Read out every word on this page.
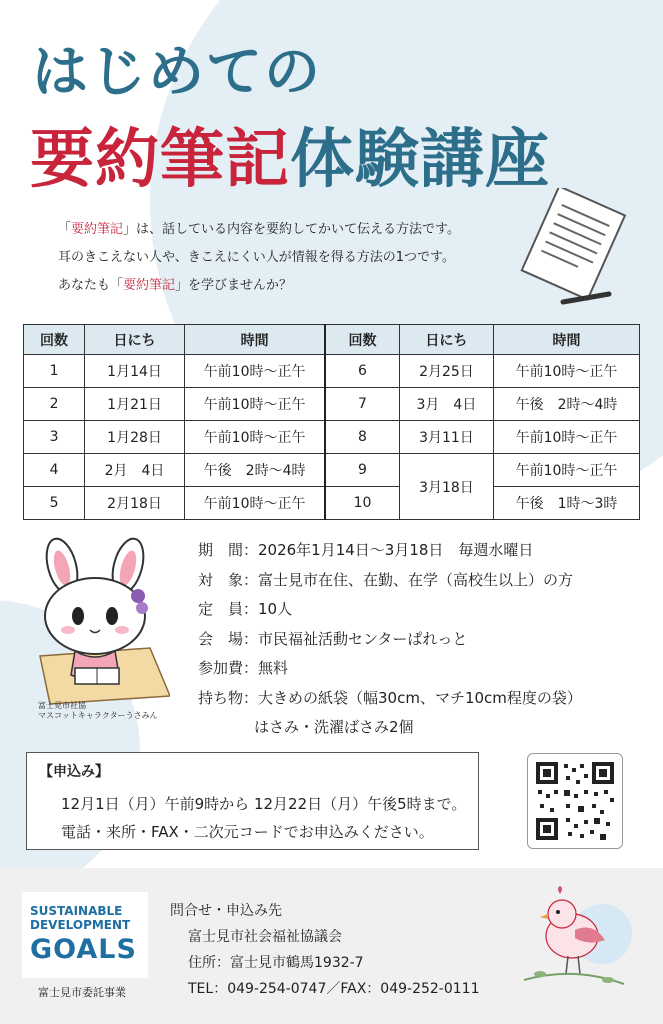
はじめての
要約筆記体験講座
「要約筆記」は、話している内容を要約してかいて伝える方法です。
耳のきこえない人や、きこえにくい人が情報を得る方法の1つです。
あなたも「要約筆記」を学びませんか？
回数	日にち	時間	回数	日にち	時間
1	1月14日	午前10時～正午	6	2月25日	午前10時～正午
2	1月21日	午前10時～正午	7	3月　4日	午後　2時～4時
3	1月28日	午前10時～正午	8	3月11日	午前10時～正午
4	2月　4日	午後　2時～4時	9	3月18日	午前10時～正午
5	2月18日	午前10時～正午	10		午後　1時～3時
富士見市社協
マスコットキャラクターうさみん
期　間：2026年1月14日～3月18日　毎週水曜日
対　象：富士見市在住、在勤、在学（高校生以上）の方
定　員：10人
会　場：市民福祉活動センターぱれっと
参加費：無料
持ち物：大きめの紙袋（幅30cm、マチ10cm程度の袋）
はさみ・洗濯ばさみ2個
【申込み】
12月1日（月）午前9時から 12月22日（月）午後5時まで。
電話・来所・FAX・二次元コードでお申込みください。
SUSTAINABLE
DEVELOPMENT
GOALS
富士見市委託事業
問合せ・申込み先
富士見市社会福祉協議会
住所：富士見市鶴馬1932-7
TEL：049-254-0747／FAX：049-252-0111
